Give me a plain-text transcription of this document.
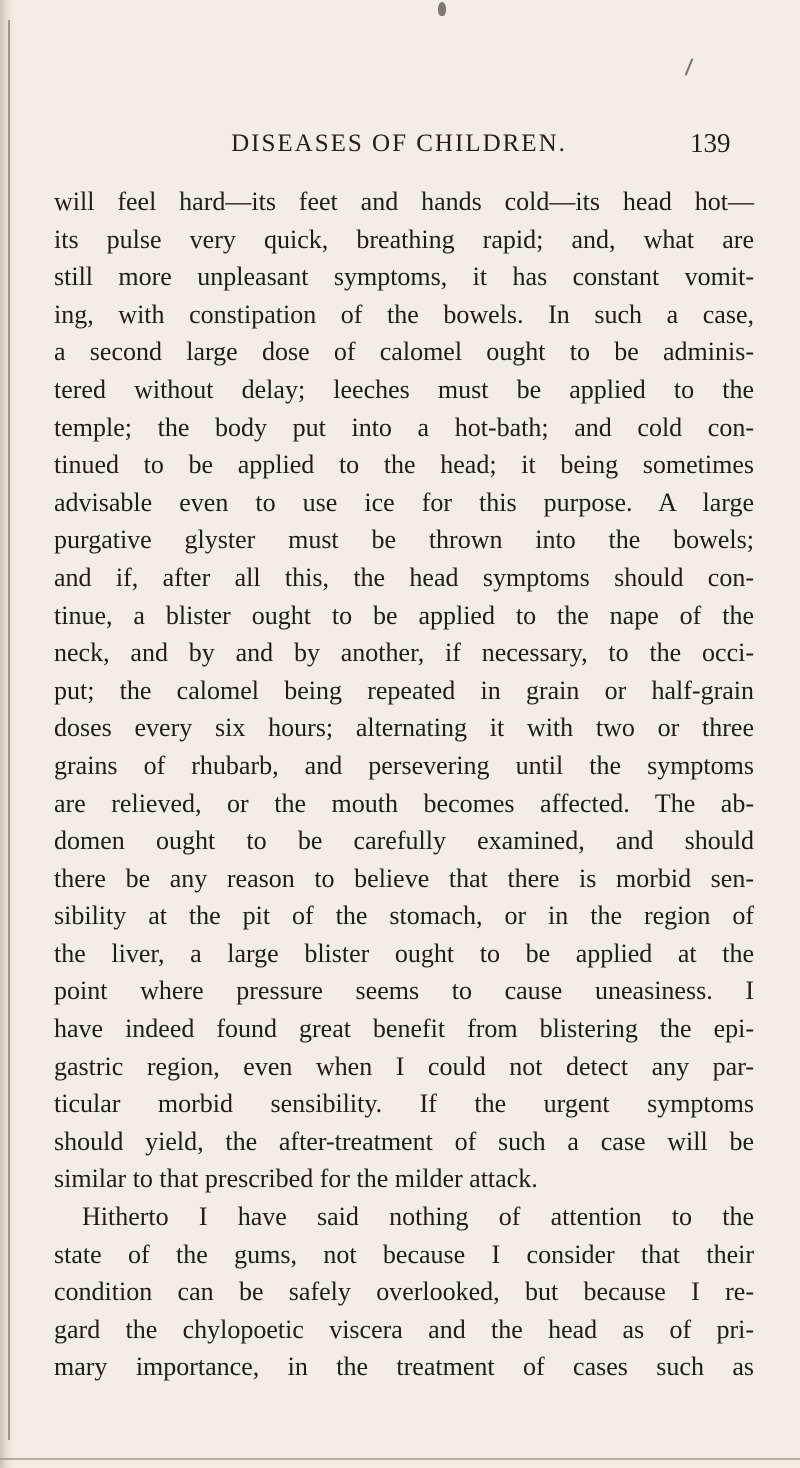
DISEASES OF CHILDREN.	139
will feel hard—its feet and hands cold—its head hot—
its pulse very quick, breathing rapid; and, what are
still more unpleasant symptoms, it has constant vomit-
ing, with constipation of the bowels. In such a case,
a second large dose of calomel ought to be adminis-
tered without delay; leeches must be applied to the
temple; the body put into a hot-bath; and cold con-
tinued to be applied to the head; it being sometimes
advisable even to use ice for this purpose. A large
purgative glyster must be thrown into the bowels;
and if, after all this, the head symptoms should con-
tinue, a blister ought to be applied to the nape of the
neck, and by and by another, if necessary, to the occi-
put; the calomel being repeated in grain or half-grain
doses every six hours; alternating it with two or three
grains of rhubarb, and persevering until the symptoms
are relieved, or the mouth becomes affected. The ab-
domen ought to be carefully examined, and should
there be any reason to believe that there is morbid sen-
sibility at the pit of the stomach, or in the region of
the liver, a large blister ought to be applied at the
point where pressure seems to cause uneasiness. I
have indeed found great benefit from blistering the epi-
gastric region, even when I could not detect any par-
ticular morbid sensibility. If the urgent symptoms
should yield, the after-treatment of such a case will be
similar to that prescribed for the milder attack.
Hitherto I have said nothing of attention to the
state of the gums, not because I consider that their
condition can be safely overlooked, but because I re-
gard the chylopoetic viscera and the head as of pri-
mary importance, in the treatment of cases such as
